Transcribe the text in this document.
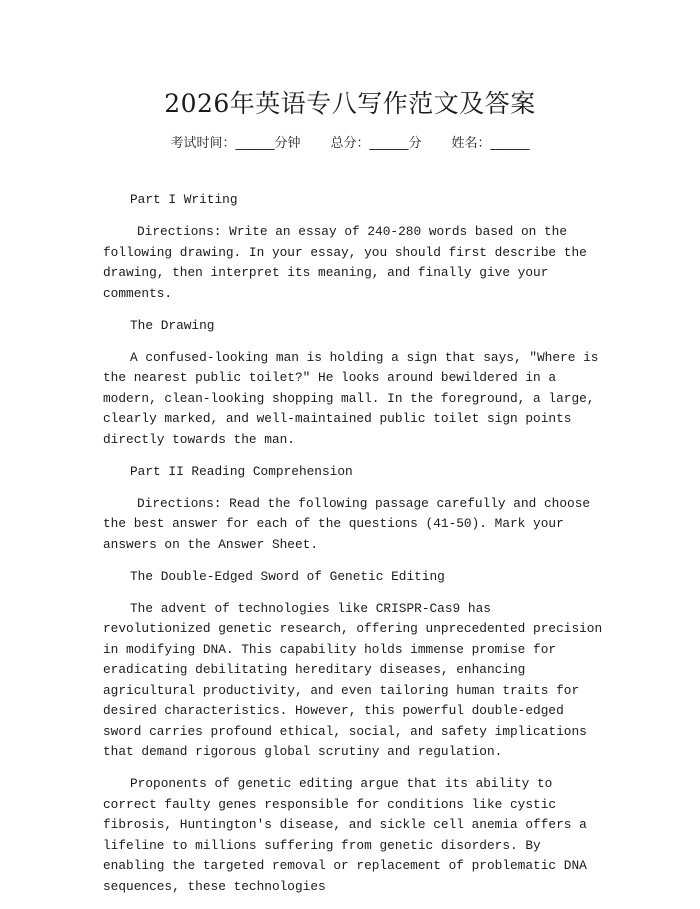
2026年英语专八写作范文及答案
考试时间：______分钟 总分：______分 姓名：______

Part I Writing

Directions: Write an essay of 240-280 words based on the following drawing. In your essay, you should first describe the drawing, then interpret its meaning, and finally give your comments.

The Drawing

A confused-looking man is holding a sign that says, "Where is the nearest public toilet?" He looks around bewildered in a modern, clean-looking shopping mall. In the foreground, a large, clearly marked, and well-maintained public toilet sign points directly towards the man.

Part II Reading Comprehension

Directions: Read the following passage carefully and choose the best answer for each of the questions (41-50). Mark your answers on the Answer Sheet.

The Double-Edged Sword of Genetic Editing

The advent of technologies like CRISPR-Cas9 has revolutionized genetic research, offering unprecedented precision in modifying DNA. This capability holds immense promise for eradicating debilitating hereditary diseases, enhancing agricultural productivity, and even tailoring human traits for desired characteristics. However, this powerful double-edged sword carries profound ethical, social, and safety implications that demand rigorous global scrutiny and regulation.

Proponents of genetic editing argue that its ability to correct faulty genes responsible for conditions like cystic fibrosis, Huntington's disease, and sickle cell anemia offers a lifeline to millions suffering from genetic disorders. By enabling the targeted removal or replacement of problematic DNA sequences, these technologies
